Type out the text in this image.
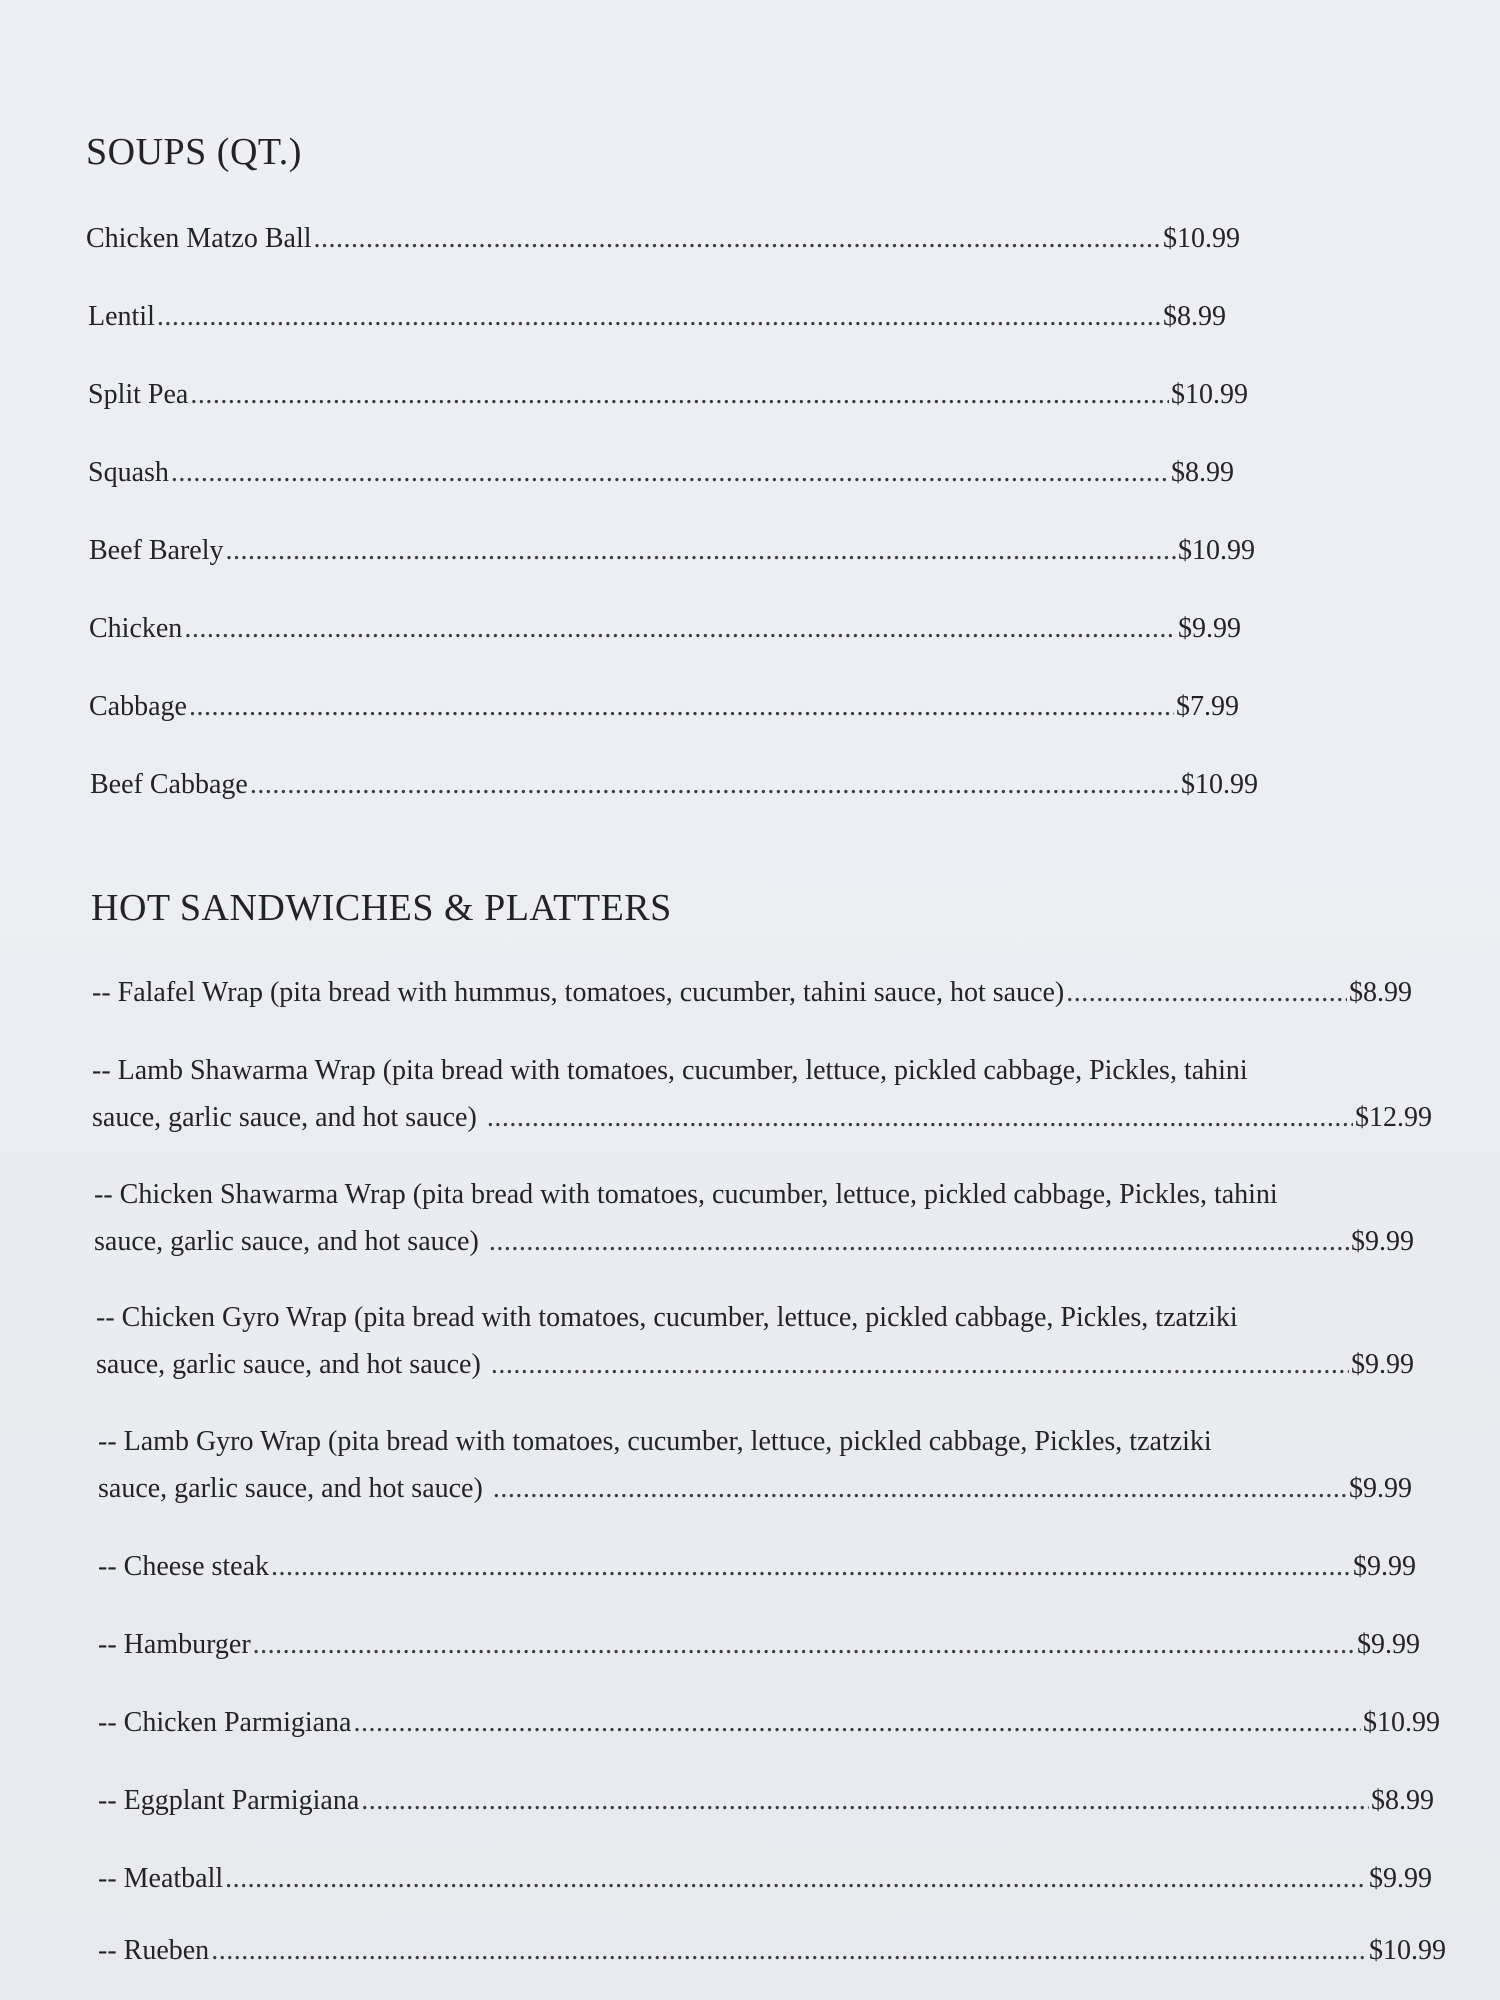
SOUPS (QT.)
Chicken Matzo Ball .....	$10.99
Lentil .....	$8.99
Split Pea .....	$10.99
Squash .....	$8.99
Beef Barely .....	$10.99
Chicken .....	$9.99
Cabbage .....	$7.99
Beef Cabbage .....	$10.99
HOT SANDWICHES & PLATTERS
-- Falafel Wrap (pita bread with hummus, tomatoes, cucumber, tahini sauce, hot sauce) .....	$8.99
-- Lamb Shawarma Wrap (pita bread with tomatoes, cucumber, lettuce, pickled cabbage, Pickles, tahini
sauce, garlic sauce, and hot sauce) .....	$12.99
-- Chicken Shawarma Wrap (pita bread with tomatoes, cucumber, lettuce, pickled cabbage, Pickles, tahini
sauce, garlic sauce, and hot sauce) .....	$9.99
-- Chicken Gyro Wrap (pita bread with tomatoes, cucumber, lettuce, pickled cabbage, Pickles, tzatziki
sauce, garlic sauce, and hot sauce) .....	$9.99
-- Lamb Gyro Wrap (pita bread with tomatoes, cucumber, lettuce, pickled cabbage, Pickles, tzatziki
sauce, garlic sauce, and hot sauce) .....	$9.99
-- Cheese steak .....	$9.99
-- Hamburger .....	$9.99
-- Chicken Parmigiana .....	$10.99
-- Eggplant Parmigiana .....	$8.99
-- Meatball .....	$9.99
-- Rueben .....	$10.99
